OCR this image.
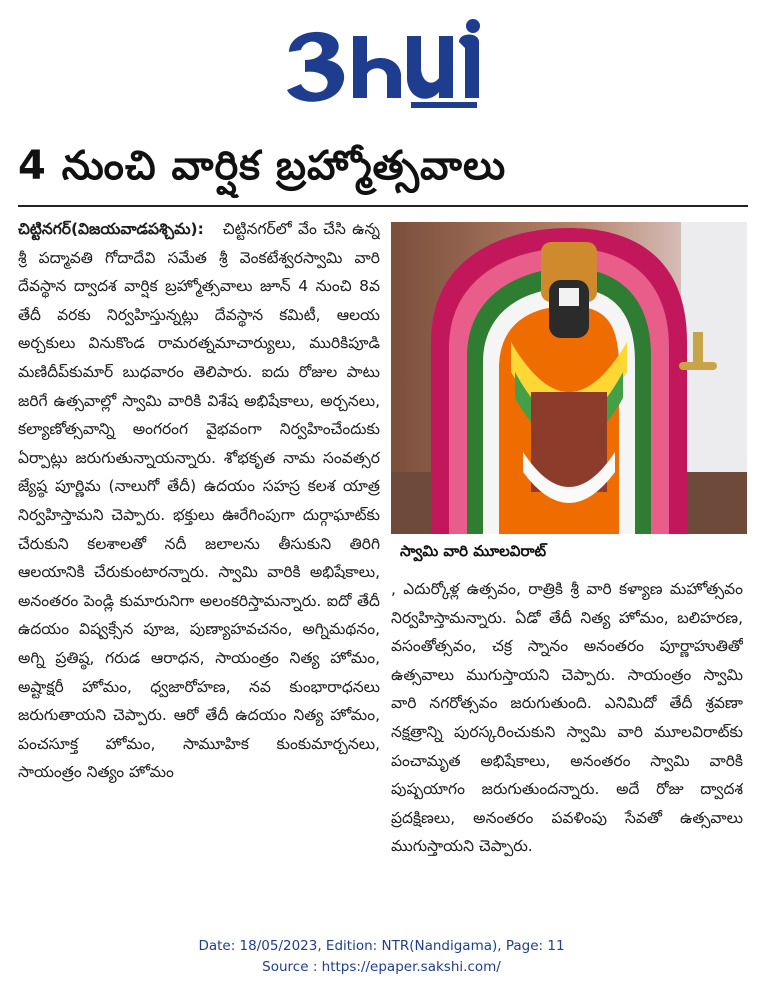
4 నుంచి వార్షిక బ్రహ్మోత్సవాలు
చిట్టినగర్(విజయవాడపశ్చిమ): చిట్టినగర్‌లో వేం చేసి ఉన్న శ్రీ పద్మావతి గోదాదేవి సమేత శ్రీ వెంకటేశ్వరస్వామి వారి దేవస్థాన ద్వాదశ వార్షిక బ్రహ్మోత్సవాలు జూన్ 4 నుంచి 8వ తేదీ వరకు నిర్వహిస్తున్నట్లు దేవస్థాన కమిటీ, ఆలయ అర్చకులు వినుకొండ రామరత్నమాచార్యులు, మురికిపూడి మణిదీప్‌కుమార్ బుధవారం తెలిపారు. ఐదు రోజుల పాటు జరిగే ఉత్సవాల్లో స్వామి వారికి విశేష అభిషేకాలు, అర్చనలు, కల్యాణోత్సవాన్ని అంగరంగ వైభవంగా నిర్వహించేందుకు ఏర్పాట్లు జరుగుతున్నాయన్నారు. శోభకృత నామ సంవత్సర జ్యేష్ఠ పూర్ణిమ (నాలుగో తేదీ) ఉదయం సహస్ర కలశ యాత్ర నిర్వహిస్తామని చెప్పారు. భక్తులు ఊరేగింపుగా దుర్గాఘాట్‌కు చేరుకుని కలశాలతో నదీ జలాలను తీసుకుని తిరిగి ఆలయానికి చేరుకుంటారన్నారు. స్వామి వారికి అభిషేకాలు, అనంతరం పెండ్లి కుమారునిగా అలంకరిస్తామన్నారు. ఐదో తేదీ ఉదయం విష్వక్సేన పూజ, పుణ్యాహవచనం, అగ్నిమథనం, అగ్ని ప్రతిష్ఠ, గరుడ ఆరాధన, సాయంత్రం నిత్య హోమం, అష్టాక్షరీ హోమం, ధ్వజారోహణ, నవ కుంభారాధనలు జరుగుతాయని చెప్పారు. ఆరో తేదీ ఉదయం నిత్య హోమం, పంచసూక్త హోమం, సామూహిక కుంకుమార్చనలు, సాయంత్రం నిత్యం హోమం
స్వామి వారి మూలవిరాట్
, ఎదుర్కోళ్ల ఉత్సవం, రాత్రికి శ్రీ వారి కళ్యాణ మహోత్సవం నిర్వహిస్తామన్నారు. ఏడో తేదీ నిత్య హోమం, బలిహరణ, వసంతోత్సవం, చక్ర స్నానం అనంతరం పూర్ణాహుతితో ఉత్సవాలు ముగుస్తాయని చెప్పారు. సాయంత్రం స్వామి వారి నగరోత్సవం జరుగుతుంది. ఎనిమిదో తేదీ శ్రవణా నక్షత్రాన్ని పురస్కరించుకుని స్వామి వారి మూలవిరాట్‌కు పంచామృత అభిషేకాలు, అనంతరం స్వామి వారికి పుష్పయాగం జరుగుతుందన్నారు. అదే రోజు ద్వాదశ ప్రదక్షిణలు, అనంతరం పవళింపు సేవతో ఉత్సవాలు ముగుస్తాయని చెప్పారు.
Date: 18/05/2023, Edition: NTR(Nandigama), Page: 11
Source : https://epaper.sakshi.com/
